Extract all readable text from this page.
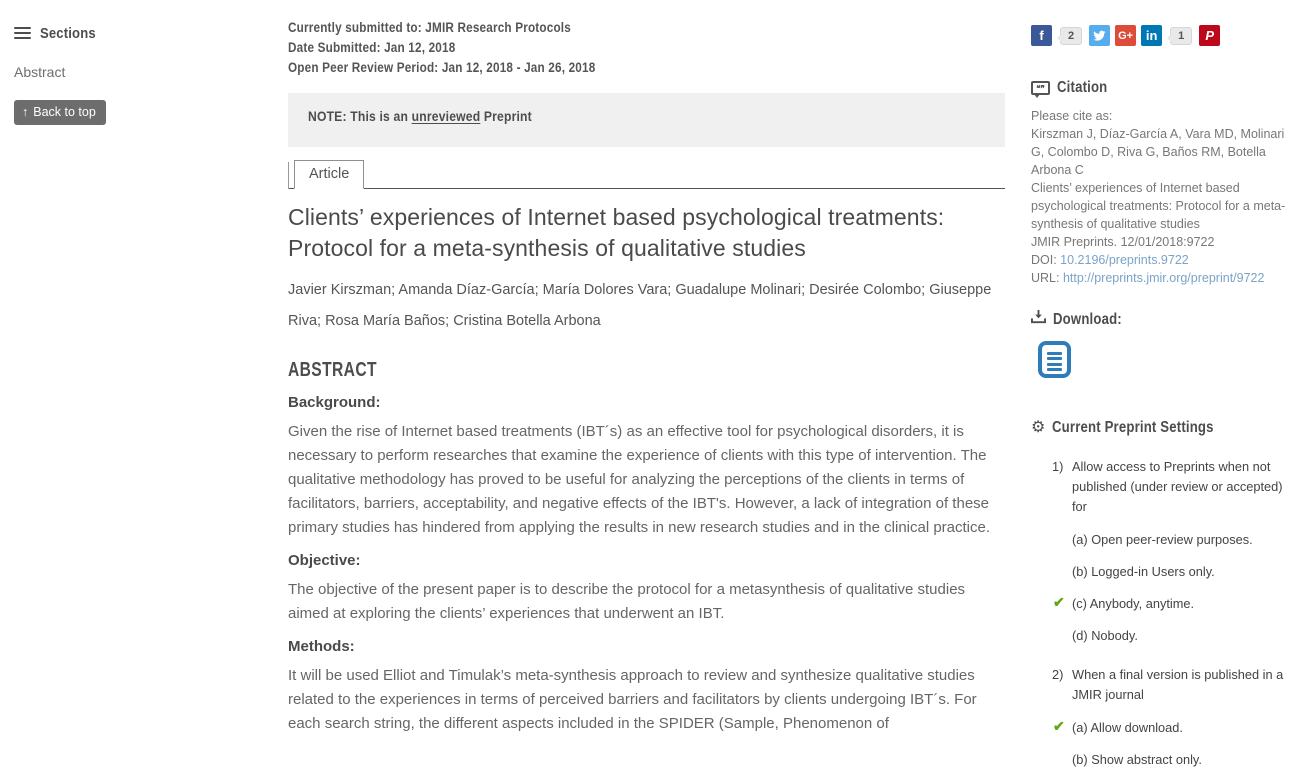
Sections
Abstract
↑ Back to top
Currently submitted to: JMIR Research Protocols
Date Submitted: Jan 12, 2018
Open Peer Review Period: Jan 12, 2018 - Jan 26, 2018
NOTE: This is an unreviewed Preprint
Article
Clients’ experiences of Internet based psychological treatments: Protocol for a meta-synthesis of qualitative studies
Javier Kirszman; Amanda Díaz-García; María Dolores Vara; Guadalupe Molinari; Desirée Colombo; Giuseppe Riva; Rosa María Baños; Cristina Botella Arbona
ABSTRACT
Background:
Given the rise of Internet based treatments (IBT´s) as an effective tool for psychological disorders, it is necessary to perform researches that examine the experience of clients with this type of intervention. The qualitative methodology has proved to be useful for analyzing the perceptions of the clients in terms of facilitators, barriers, acceptability, and negative effects of the IBT's. However, a lack of integration of these primary studies has hindered from applying the results in new research studies and in the clinical practice.
Objective:
The objective of the present paper is to describe the protocol for a metasynthesis of qualitative studies aimed at exploring the clients’ experiences that underwent an IBT.
Methods:
It will be used Elliot and Timulak’s meta-synthesis approach to review and synthesize qualitative studies related to the experiences in terms of perceived barriers and facilitators by clients undergoing IBT´s. For each search string, the different aspects included in the SPIDER (Sample, Phenomenon of
f	2	G+ in	1	P
❝❞ Citation
Please cite as:
Kirszman J, Díaz-García A, Vara MD, Molinari G, Colombo D, Riva G, Baños RM, Botella Arbona C
Clients’ experiences of Internet based psychological treatments: Protocol for a meta-synthesis of qualitative studies
JMIR Preprints. 12/01/2018:9722
DOI: 10.2196/preprints.9722
URL: http://preprints.jmir.org/preprint/9722
Download:
⚙ Current Preprint Settings
1) Allow access to Preprints when not published (under review or accepted) for
(a) Open peer-review purposes.
(b) Logged-in Users only.
✔ (c) Anybody, anytime.
(d) Nobody.
2) When a final version is published in a JMIR journal
✔ (a) Allow download.
(b) Show abstract only.
